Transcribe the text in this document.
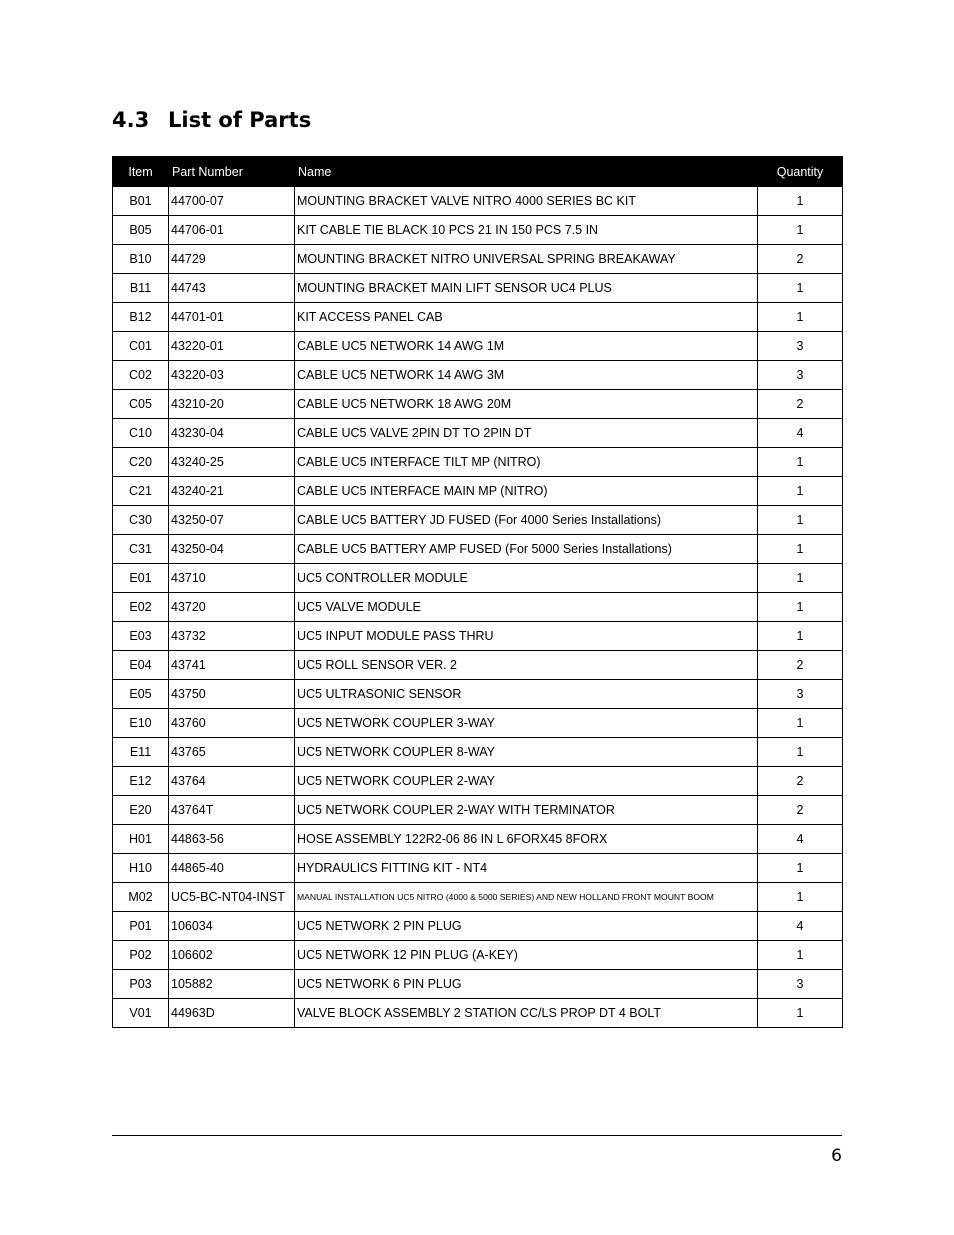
4.3 List of Parts
Item	Part Number	Name	Quantity
B01	44700-07	MOUNTING BRACKET VALVE NITRO 4000 SERIES BC KIT	1
B05	44706-01	KIT CABLE TIE BLACK 10 PCS 21 IN 150 PCS 7.5 IN	1
B10	44729	MOUNTING BRACKET NITRO UNIVERSAL SPRING BREAKAWAY	2
B11	44743	MOUNTING BRACKET MAIN LIFT SENSOR UC4 PLUS	1
B12	44701-01	KIT ACCESS PANEL CAB	1
C01	43220-01	CABLE UC5 NETWORK 14 AWG 1M	3
C02	43220-03	CABLE UC5 NETWORK 14 AWG 3M	3
C05	43210-20	CABLE UC5 NETWORK 18 AWG 20M	2
C10	43230-04	CABLE UC5 VALVE 2PIN DT TO 2PIN DT	4
C20	43240-25	CABLE UC5 INTERFACE TILT MP (NITRO)	1
C21	43240-21	CABLE UC5 INTERFACE MAIN MP (NITRO)	1
C30	43250-07	CABLE UC5 BATTERY JD FUSED (For 4000 Series Installations)	1
C31	43250-04	CABLE UC5 BATTERY AMP FUSED (For 5000 Series Installations)	1
E01	43710	UC5 CONTROLLER MODULE	1
E02	43720	UC5 VALVE MODULE	1
E03	43732	UC5 INPUT MODULE PASS THRU	1
E04	43741	UC5 ROLL SENSOR VER. 2	2
E05	43750	UC5 ULTRASONIC SENSOR	3
E10	43760	UC5 NETWORK COUPLER 3-WAY	1
E11	43765	UC5 NETWORK COUPLER 8-WAY	1
E12	43764	UC5 NETWORK COUPLER 2-WAY	2
E20	43764T	UC5 NETWORK COUPLER 2-WAY WITH TERMINATOR	2
H01	44863-56	HOSE ASSEMBLY 122R2-06 86 IN L 6FORX45 8FORX	4
H10	44865-40	HYDRAULICS FITTING KIT - NT4	1
M02	UC5-BC-NT04-INST	MANUAL INSTALLATION UC5 NITRO (4000 & 5000 SERIES) AND NEW HOLLAND FRONT MOUNT BOOM	1
P01	106034	UC5 NETWORK 2 PIN PLUG	4
P02	106602	UC5 NETWORK 12 PIN PLUG (A-KEY)	1
P03	105882	UC5 NETWORK 6 PIN PLUG	3
V01	44963D	VALVE BLOCK ASSEMBLY 2 STATION CC/LS PROP DT 4 BOLT	1
6
